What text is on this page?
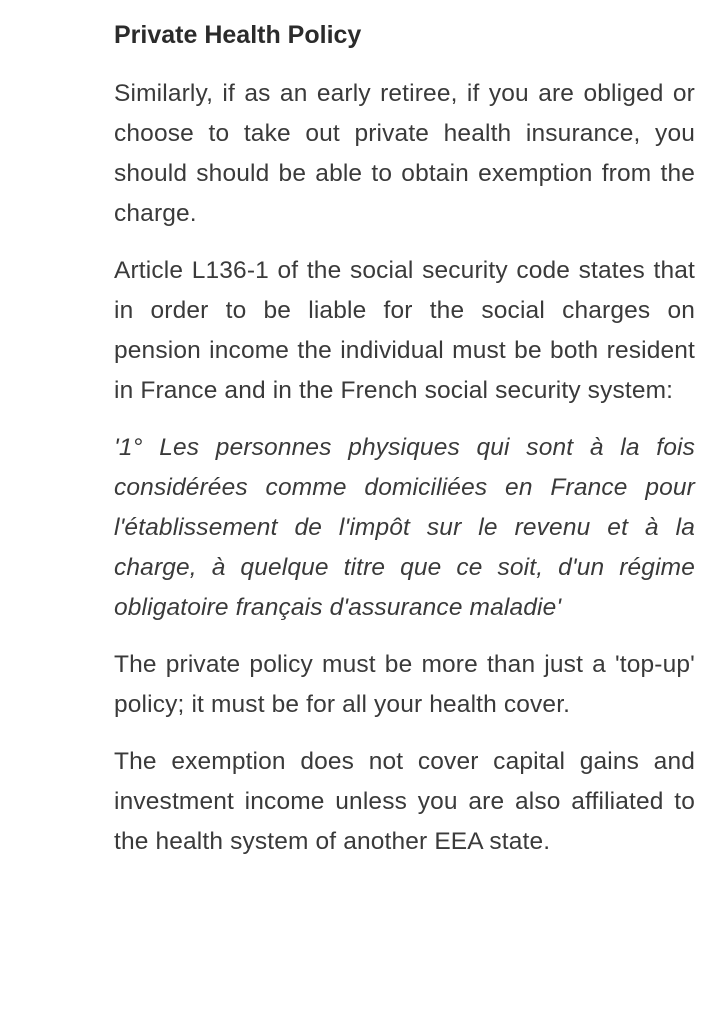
Private Health Policy

Similarly, if as an early retiree, if you are obliged or choose to take out private health insurance, you should should be able to obtain exemption from the charge.

Article L136-1 of the social security code states that in order to be liable for the social charges on pension income the individual must be both resident in France and in the French social security system:

'1° Les personnes physiques qui sont à la fois considérées comme domiciliées en France pour l'établissement de l'impôt sur le revenu et à la charge, à quelque titre que ce soit, d'un régime obligatoire français d'assurance maladie'

The private policy must be more than just a 'top-up' policy; it must be for all your health cover.

The exemption does not cover capital gains and investment income unless you are also affiliated to the health system of another EEA state.
